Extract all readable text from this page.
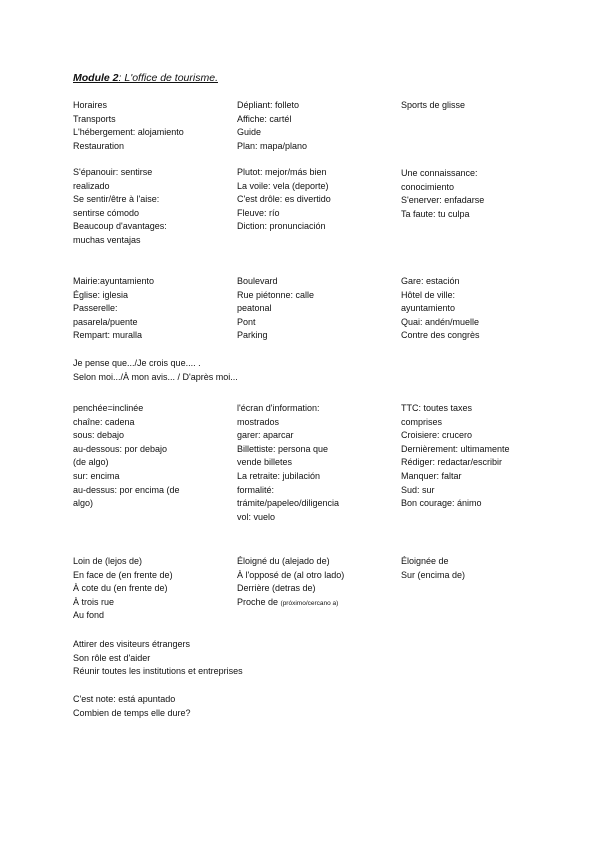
Module 2: L'office de tourisme.
Horaires
Transports
L'hébergement: alojamiento
Restauration
Dépliant: folleto
Affiche: cartél
Guide
Plan: mapa/plano
Sports de glisse
S'épanouir: sentirse
realizado
Se sentir/être à l'aise:
sentirse cómodo
Beaucoup d'avantages:
muchas ventajas
Plutot: mejor/más bien
La voile: vela (deporte)
C'est drôle: es divertido
Fleuve: río
Diction: pronunciación
Une connaissance:
conocimiento
S'enerver: enfadarse
Ta faute: tu culpa
Mairie:ayuntamiento
Église: iglesia
Passerelle:
pasarela/puente
Rempart: muralla
Boulevard
Rue piétonne: calle
peatonal
Pont
Parking
Gare: estación
Hôtel de ville:
ayuntamiento
Quai: andén/muelle
Contre des congrès
Je pense que.../Je crois que.... .
Selon moi.../À mon avis... / D'après moi...
penchée=inclinée
chaîne: cadena
sous: debajo
au-dessous: por debajo
(de algo)
sur: encima
au-dessus: por encima (de
algo)
l'écran d'information:
mostrados
garer: aparcar
Billettiste: persona que
vende billetes
La retraite: jubilación
formalité:
trámite/papeleo/diligencia
vol: vuelo
TTC: toutes taxes
comprises
Croisiere: crucero
Dernièrement: ultimamente
Rédiger: redactar/escribir
Manquer: faltar
Sud: sur
Bon courage: ánimo
Loin de (lejos de)
En face de (en frente de)
À cote du (en frente de)
À trois rue
Au fond
Éloigné du (alejado de)
À l'opposé de (al otro lado)
Derrière (detras de)
Proche de (próximo/cercano a)
Éloignée de
Sur (encima de)
Attirer des visiteurs étrangers
Son rôle est d'aider
Réunir toutes les institutions et entreprises
C'est note: está apuntado
Combien de temps elle dure?
